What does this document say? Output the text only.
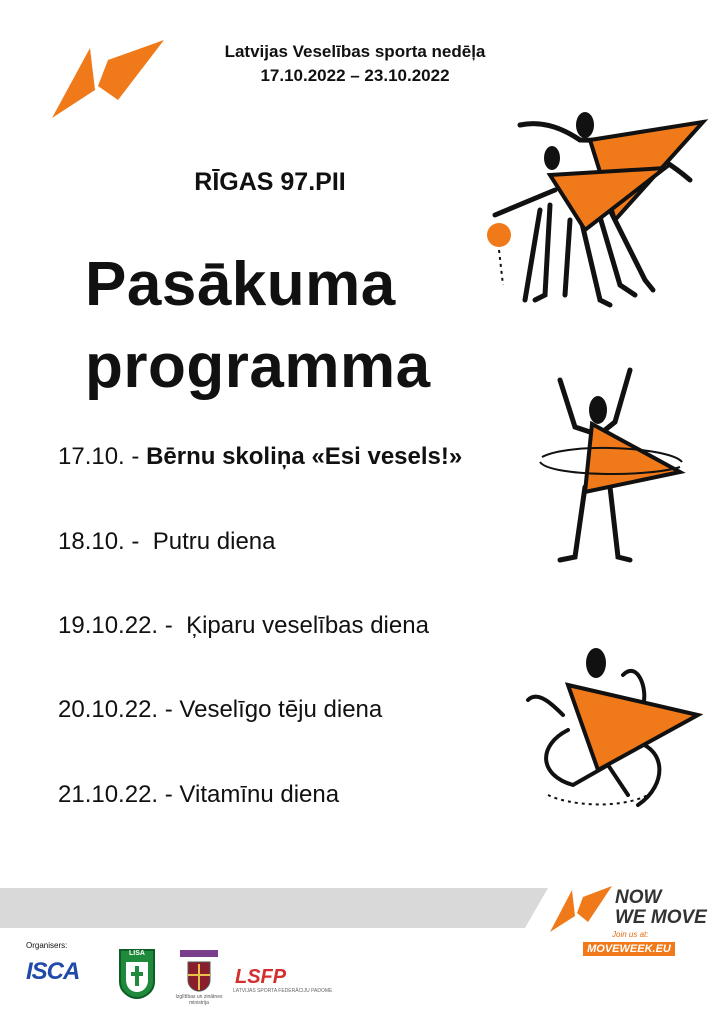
Latvijas Veselības sporta nedēļa
17.10.2022 – 23.10.2022
RĪGAS 97.PII
Pasākuma
programma
17.10. - Bērnu skoliņa «Esi vesels!»
18.10. - Putru diena
19.10.22. - Ķiparu veselības diena
20.10.22. - Veselīgo tēju diena
21.10.22. - Vitamīnu diena
NOW
WE MOVE
Join us at:
MOVEWEEK.EU
Organisers:
ISCA
LISA
Izglītības un zinātnes ministrija
LSFP
LATVIJAS SPORTA FEDERĀCIJU PADOME
